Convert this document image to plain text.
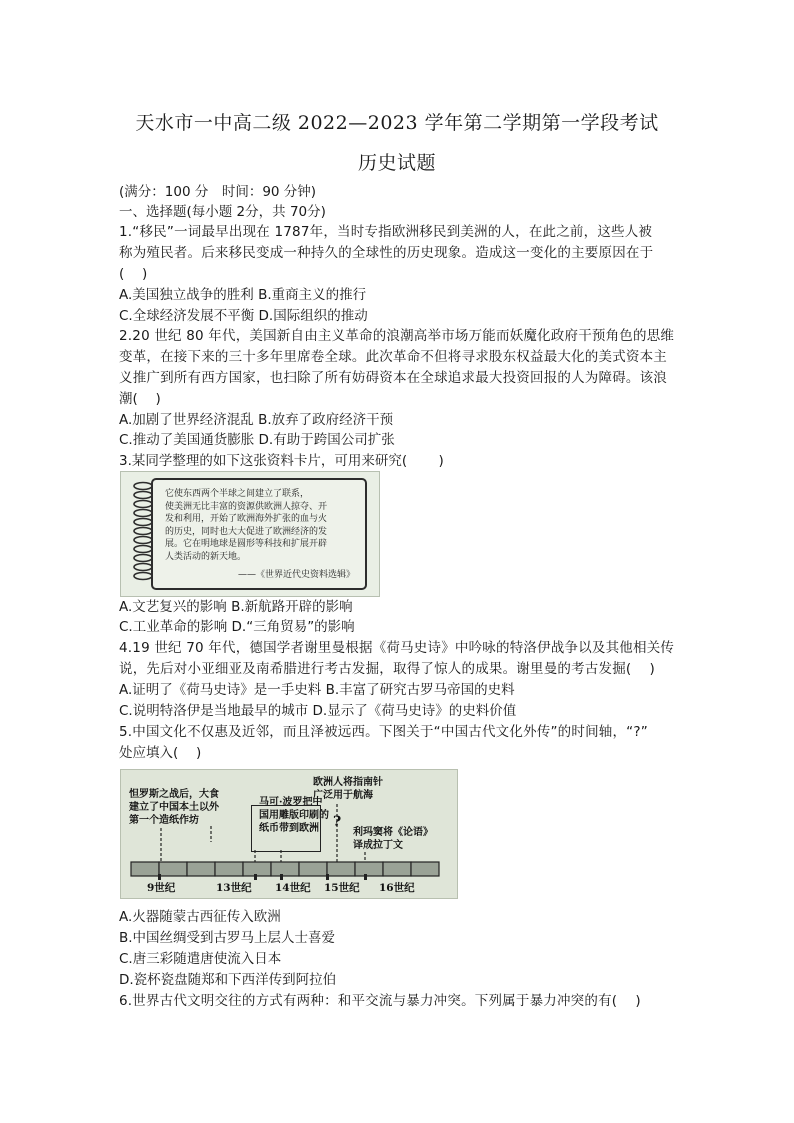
天水市一中高二级 2022—2023 学年第二学期第一学段考试
历史试题
(满分：100 分　时间：90 分钟)
一、选择题(每小题 2分，共 70分)
1.“移民”一词最早出现在 1787年，当时专指欧洲移民到美洲的人，在此之前，这些人被
称为殖民者。后来移民变成一种持久的全球性的历史现象。造成这一变化的主要原因在于
(　 )
A.美国独立战争的胜利 B.重商主义的推行
C.全球经济发展不平衡 D.国际组织的推动
2.20 世纪 80 年代，美国新自由主义革命的浪潮高举市场万能而妖魔化政府干预角色的思维
变革，在接下来的三十多年里席卷全球。此次革命不但将寻求股东权益最大化的美式资本主
义推广到所有西方国家，也扫除了所有妨碍资本在全球追求最大投资回报的人为障碍。该浪
潮(　 )
A.加剧了世界经济混乱 B.放弃了政府经济干预
C.推动了美国通货膨胀 D.有助于跨国公司扩张
3.某同学整理的如下这张资料卡片，可用来研究(　 　)
它使东西两个半球之间建立了联系，
使美洲无比丰富的资源供欧洲人掠夺、开
发和利用，开始了欧洲海外扩张的血与火
的历史，同时也大大促进了欧洲经济的发
展。它在明地球是圆形等科技和扩展开辟
人类活动的新天地。
——《世界近代史资料选辑》
A.文艺复兴的影响 B.新航路开辟的影响
C.工业革命的影响 D.“三角贸易”的影响
4.19 世纪 70 年代，德国学者谢里曼根据《荷马史诗》中吟咏的特洛伊战争以及其他相关传
说，先后对小亚细亚及南希腊进行考古发掘，取得了惊人的成果。谢里曼的考古发掘(　 )
A.证明了《荷马史诗》是一手史料 B.丰富了研究古罗马帝国的史料
C.说明特洛伊是当地最早的城市 D.显示了《荷马史诗》的史料价值
5.中国文化不仅惠及近邻，而且泽被远西。下图关于“中国古代文化外传”的时间轴，“?”
处应填入(　 )
怛罗斯之战后，大食
建立了中国本土以外
第一个造纸作坊
马可·波罗把中
国用雕版印刷的
纸币带到欧洲	?
欧洲人将指南针
广泛用于航海
利玛窦将《论语》
译成拉丁文
9世纪	13世纪 14世纪 15世纪 16世纪
A.火器随蒙古西征传入欧洲
B.中国丝绸受到古罗马上层人士喜爱
C.唐三彩随遣唐使流入日本
D.瓷杯瓷盘随郑和下西洋传到阿拉伯
6.世界古代文明交往的方式有两种：和平交流与暴力冲突。下列属于暴力冲突的有(　 )
